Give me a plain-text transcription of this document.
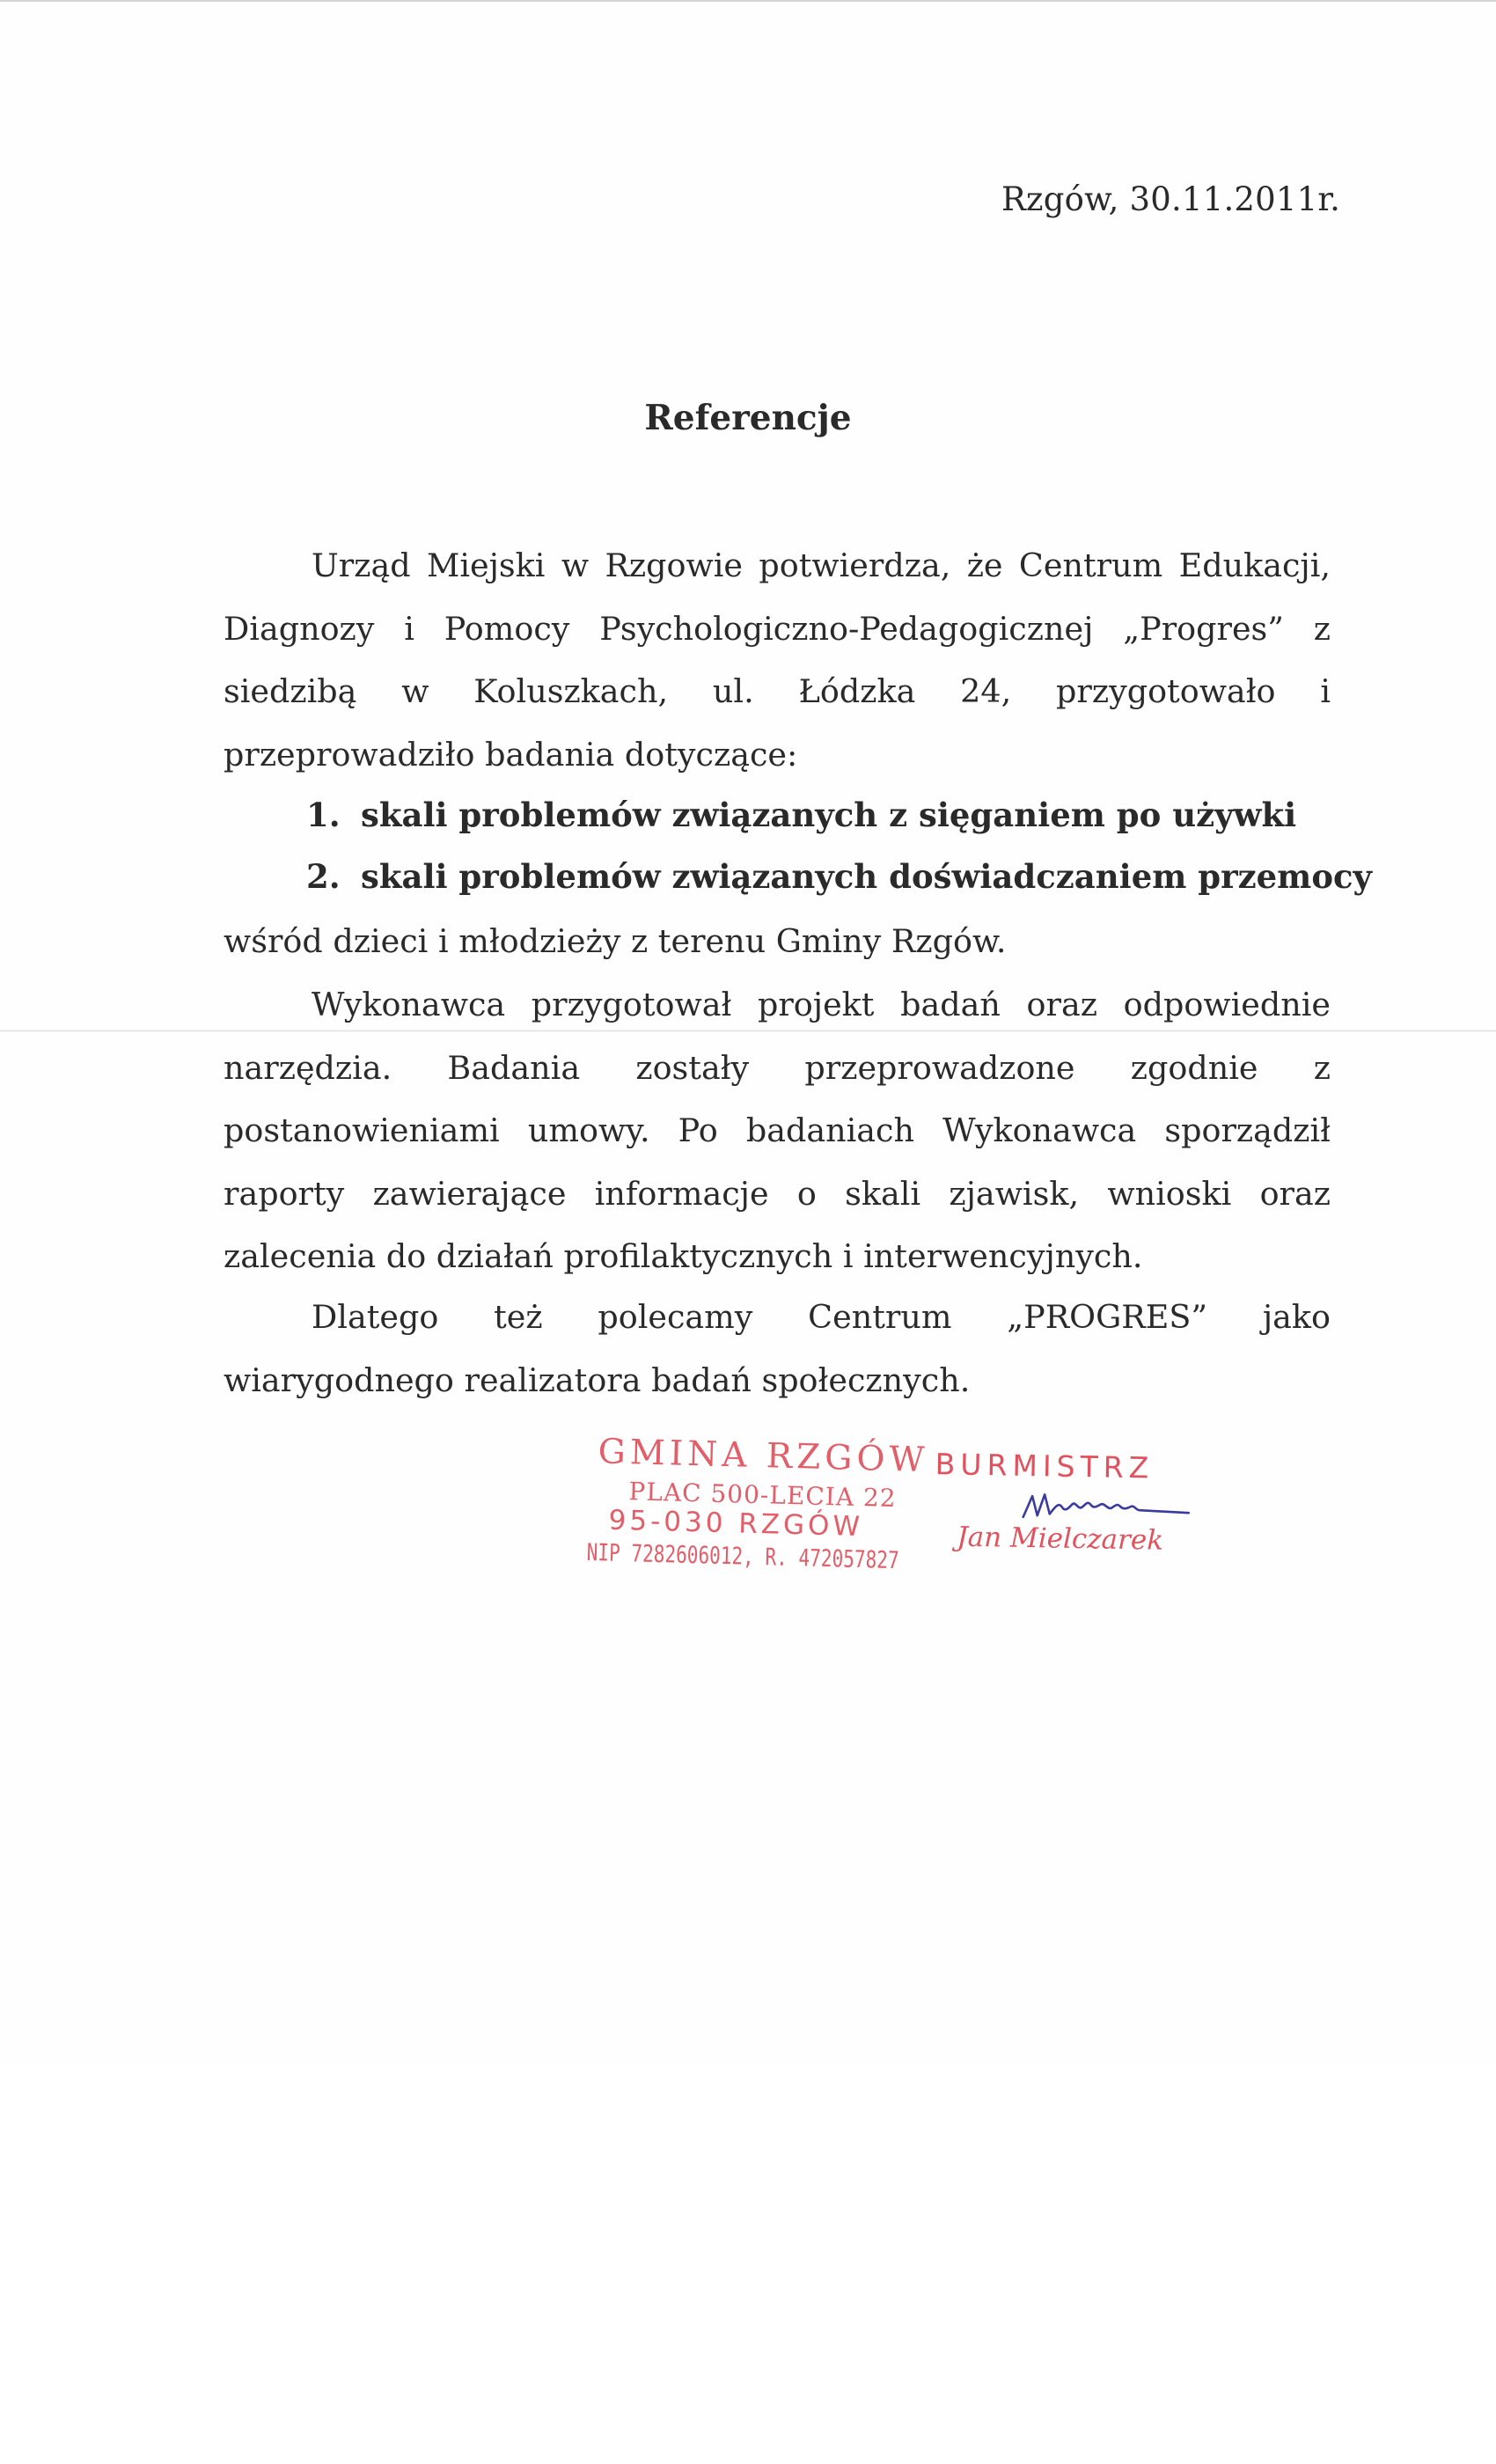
Rzgów, 30.11.2011r.
Referencje

Urząd Miejski w Rzgowie potwierdza, że Centrum Edukacji, Diagnozy i Pomocy Psychologiczno-Pedagogicznej „Progres” z siedzibą w Koluszkach, ul. Łódzka 24, przygotowało i przeprowadziło badania dotyczące:

1. skali problemów związanych z sięganiem po używki
2. skali problemów związanych doświadczaniem przemocy

wśród dzieci i młodzieży z terenu Gminy Rzgów.

Wykonawca przygotował projekt badań oraz odpowiednie narzędzia. Badania zostały przeprowadzone zgodnie z postanowieniami umowy. Po badaniach Wykonawca sporządził raporty zawierające informacje o skali zjawisk, wnioski oraz zalecenia do działań profilaktycznych i interwencyjnych.

Dlatego też polecamy Centrum „PROGRES” jako wiarygodnego realizatora badań społecznych.

GMINA RZGÓW
PLAC 500-LECIA 22
95-030 RZGÓW
NIP 7282606012, R. 472057827
BURMISTRZ
Jan Mielczarek
